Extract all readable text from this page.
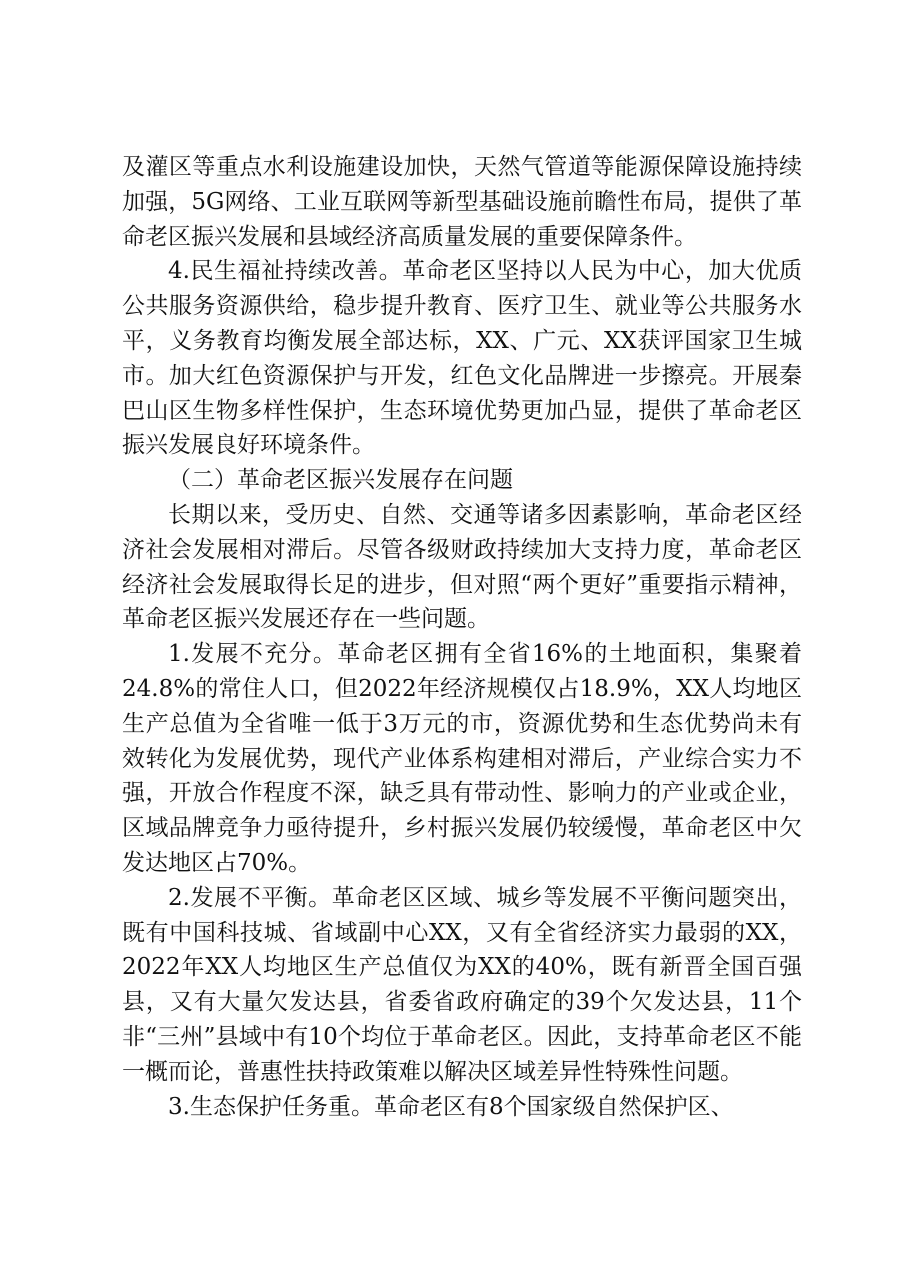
及灌区等重点水利设施建设加快，天然气管道等能源保障设施持续加强，5G网络、工业互联网等新型基础设施前瞻性布局，提供了革命老区振兴发展和县域经济高质量发展的重要保障条件。

4.民生福祉持续改善。革命老区坚持以人民为中心，加大优质公共服务资源供给，稳步提升教育、医疗卫生、就业等公共服务水平，义务教育均衡发展全部达标，XX、广元、XX获评国家卫生城市。加大红色资源保护与开发，红色文化品牌进一步擦亮。开展秦巴山区生物多样性保护，生态环境优势更加凸显，提供了革命老区振兴发展良好环境条件。

（二）革命老区振兴发展存在问题

长期以来，受历史、自然、交通等诸多因素影响，革命老区经济社会发展相对滞后。尽管各级财政持续加大支持力度，革命老区经济社会发展取得长足的进步，但对照“两个更好”重要指示精神，革命老区振兴发展还存在一些问题。

1.发展不充分。革命老区拥有全省16%的土地面积，集聚着24.8%的常住人口，但2022年经济规模仅占18.9%，XX人均地区生产总值为全省唯一低于3万元的市，资源优势和生态优势尚未有效转化为发展优势，现代产业体系构建相对滞后，产业综合实力不强，开放合作程度不深，缺乏具有带动性、影响力的产业或企业，区域品牌竞争力亟待提升，乡村振兴发展仍较缓慢，革命老区中欠发达地区占70%。

2.发展不平衡。革命老区区域、城乡等发展不平衡问题突出，既有中国科技城、省域副中心XX，又有全省经济实力最弱的XX，2022年XX人均地区生产总值仅为XX的40%，既有新晋全国百强县，又有大量欠发达县，省委省政府确定的39个欠发达县，11个非“三州”县域中有10个均位于革命老区。因此，支持革命老区不能一概而论，普惠性扶持政策难以解决区域差异性特殊性问题。

3.生态保护任务重。革命老区有8个国家级自然保护区、
